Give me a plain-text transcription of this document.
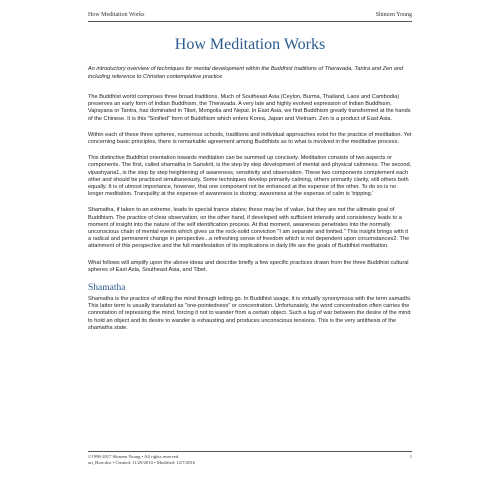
How Meditation Works	Shinzen Young
How Meditation Works
An introductory overview of techniques for mental development within the Buddhist traditions of Theravada, Tantra and Zen and including reference to Christian contemplative practice

The Buddhist world comprises three broad traditions. Much of Southeast Asia (Ceylon, Burma, Thailand, Laos and Cambodia) preserves an early form of Indian Buddhism, the Theravada. A very late and highly evolved expression of Indian Buddhism, Vajrayana or Tantra, has dominated in Tibet, Mongolia and Nepal. In East Asia, we find Buddhism greatly transformed at the hands of the Chinese. It is this "Sinified" form of Buddhism which enters Korea, Japan and Vietnam. Zen is a product of East Asia.

Within each of these three spheres, numerous schools, traditions and individual approaches exist for the practice of meditation. Yet concerning basic principles, there is remarkable agreement among Buddhists as to what is involved in the meditative process.

This distinctive Buddhist orientation towards meditation can be summed up concisely. Meditation consists of two aspects or components. The first, called shamatha in Sanskrit, is the step by step development of mental and physical calmness. The second, vipashyana1, is the step by step heightening of awareness, sensitivity and observation. These two components complement each other and should be practiced simultaneously. Some techniques develop primarily calming, others primarily clarity, still others both equally. It is of utmost importance, however, that one component not be enhanced at the expense of the other. To do so is no longer meditation. Tranquility at the expense of awareness is dozing; awareness at the expense of calm is 'tripping.'

Shamatha, if taken to an extreme, leads to special trance states; these may be of value, but they are not the ultimate goal of Buddhism. The practice of clear observation, on the other hand, if developed with sufficient intensity and consistency leads to a moment of insight into the nature of the self identification process. At that moment, awareness penetrates into the normally unconscious chain of mental events which gives us the rock-solid conviction "I am separate and limited." This insight brings with it a radical and permanent change in perspective...a refreshing sense of freedom which is not dependent upon circumstances2. The attainment of this perspective and the full manifestation of its implications in daily life are the goals of Buddhist meditation.

What follows will amplify upon the above ideas and describe briefly a few specific practices drawn from the three Buddhist cultural spheres of East Asia, Southeast Asia, and Tibet.

Shamatha

Shamatha is the practice of stilling the mind through letting go. In Buddhist usage, it is virtually synonymous with the term samadhi. This latter term is usually translated as "one-pointedness" or concentration. Unfortunately, the word concentration often carries the connotation of repressing the mind, forcing it not to wander from a certain object. Such a tug of war between the desire of the mind to hold an object and its desire to wander is exhausting and produces unconscious tensions. This is the very antithesis of the shamatha state.

©1998-2017 Shinzen Young • All rights reserved.
art_How.doc • Created: 11/29/2010 • Modified: 12/7/2016
1
